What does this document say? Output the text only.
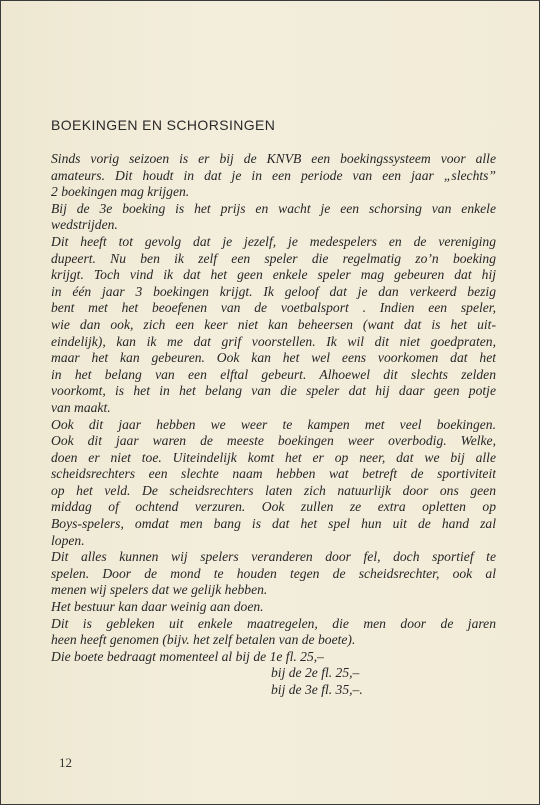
BOEKINGEN EN SCHORSINGEN
Sinds vorig seizoen is er bij de KNVB een boekingssysteem voor alle
amateurs. Dit houdt in dat je in een periode van een jaar „slechts”
2 boekingen mag krijgen.
Bij de 3e boeking is het prijs en wacht je een schorsing van enkele
wedstrijden.
Dit heeft tot gevolg dat je jezelf, je medespelers en de vereniging
dupeert. Nu ben ik zelf een speler die regelmatig zo’n boeking
krijgt. Toch vind ik dat het geen enkele speler mag gebeuren dat hij
in één jaar 3 boekingen krijgt. Ik geloof dat je dan verkeerd bezig
bent met het beoefenen van de voetbalsport . Indien een speler,
wie dan ook, zich een keer niet kan beheersen (want dat is het uit-
eindelijk), kan ik me dat grif voorstellen. Ik wil dit niet goedpraten,
maar het kan gebeuren. Ook kan het wel eens voorkomen dat het
in het belang van een elftal gebeurt. Alhoewel dit slechts zelden
voorkomt, is het in het belang van die speler dat hij daar geen potje
van maakt.
Ook dit jaar hebben we weer te kampen met veel boekingen.
Ook dit jaar waren de meeste boekingen weer overbodig. Welke,
doen er niet toe. Uiteindelijk komt het er op neer, dat we bij alle
scheidsrechters een slechte naam hebben wat betreft de sportiviteit
op het veld. De scheidsrechters laten zich natuurlijk door ons geen
middag of ochtend verzuren. Ook zullen ze extra opletten op
Boys-spelers, omdat men bang is dat het spel hun uit de hand zal
lopen.
Dit alles kunnen wij spelers veranderen door fel, doch sportief te
spelen. Door de mond te houden tegen de scheidsrechter, ook al
menen wij spelers dat we gelijk hebben.
Het bestuur kan daar weinig aan doen.
Dit is gebleken uit enkele maatregelen, die men door de jaren
heen heeft genomen (bijv. het zelf betalen van de boete).
Die boete bedraagt momenteel al bij de 1e fl. 25,–
bij de 2e fl. 25,–
bij de 3e fl. 35,–.
12
